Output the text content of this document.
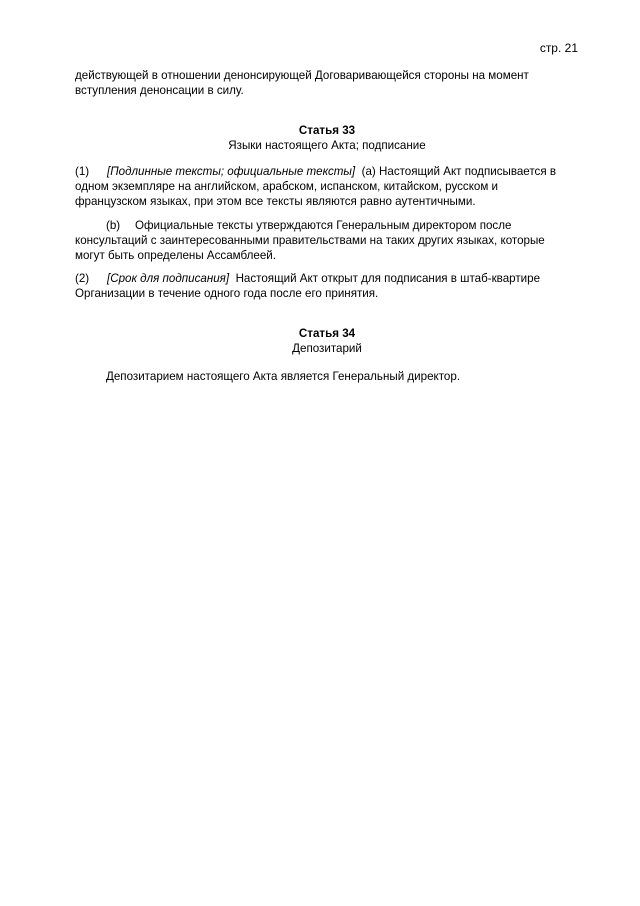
стр. 21
действующей в отношении денонсирующей Договаривающейся стороны на момент
вступления денонсации в силу.
Статья 33
Языки настоящего Акта; подписание
(1) [Подлинные тексты; официальные тексты] (a) Настоящий Акт подписывается в
одном экземпляре на английском, арабском, испанском, китайском, русском и
французском языках, при этом все тексты являются равно аутентичными.
(b) Официальные тексты утверждаются Генеральным директором после
консультаций с заинтересованными правительствами на таких других языках, которые
могут быть определены Ассамблеей.
(2) [Срок для подписания] Настоящий Акт открыт для подписания в штаб-квартире
Организации в течение одного года после его принятия.
Статья 34
Депозитарий
Депозитарием настоящего Акта является Генеральный директор.
